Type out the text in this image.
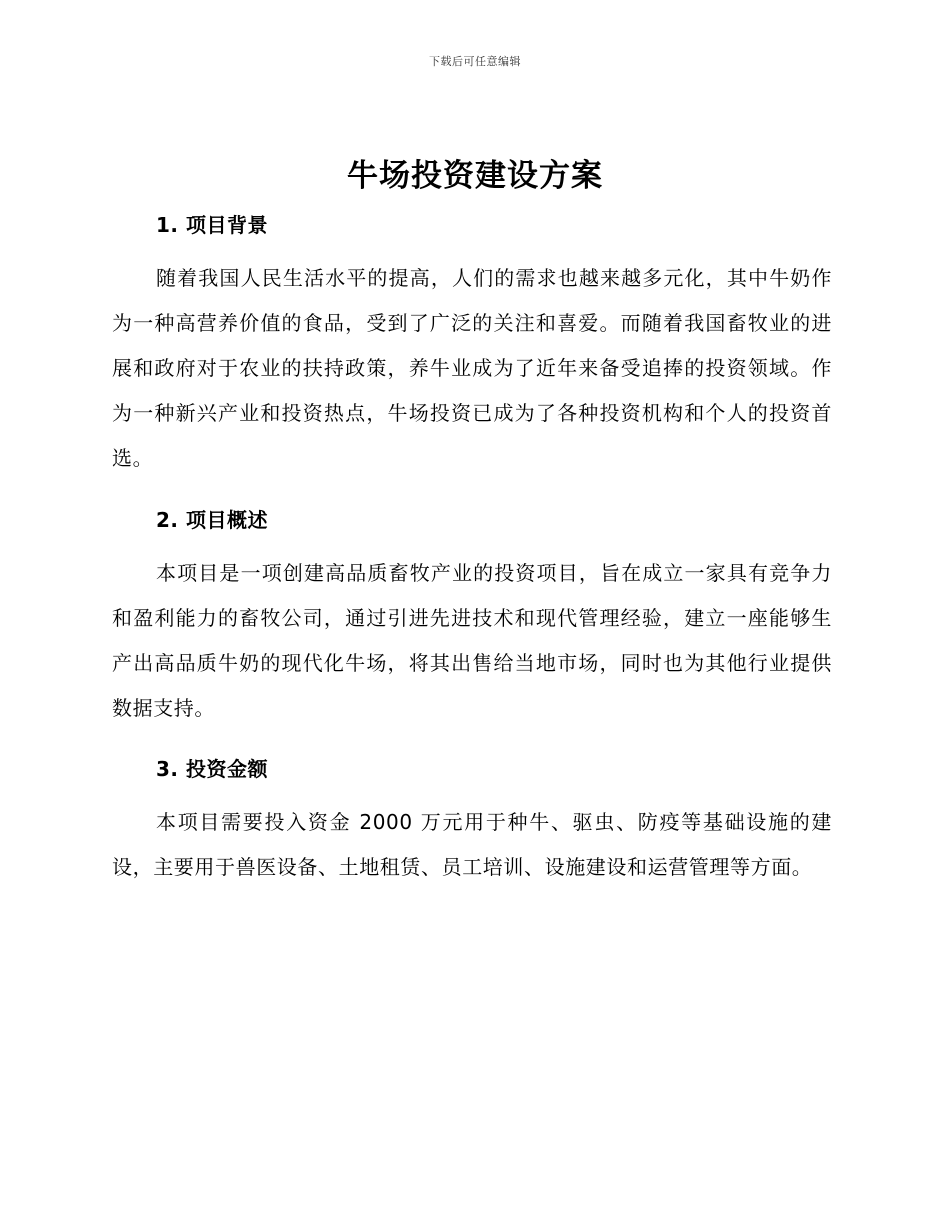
下载后可任意编辑
牛场投资建设方案
1. 项目背景

随着我国人民生活水平的提高，人们的需求也越来越多元化，其中牛奶作为一种高营养价值的食品，受到了广泛的关注和喜爱。而随着我国畜牧业的进展和政府对于农业的扶持政策，养牛业成为了近年来备受追捧的投资领域。作为一种新兴产业和投资热点，牛场投资已成为了各种投资机构和个人的投资首选。

2. 项目概述

本项目是一项创建高品质畜牧产业的投资项目，旨在成立一家具有竞争力和盈利能力的畜牧公司，通过引进先进技术和现代管理经验，建立一座能够生产出高品质牛奶的现代化牛场，将其出售给当地市场，同时也为其他行业提供数据支持。

3. 投资金额

本项目需要投入资金 2000 万元用于种牛、驱虫、防疫等基础设施的建设，主要用于兽医设备、土地租赁、员工培训、设施建设和运营管理等方面。
